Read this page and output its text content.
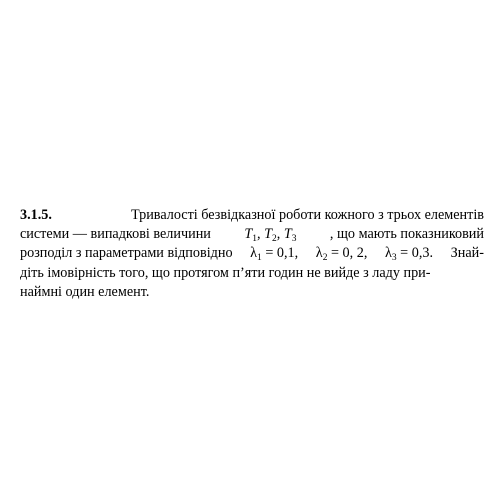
3.1.5.	Тривалості безвідказної роботи кожного з трьох елементів
системи — випадкові величини T1, T2, T3 , що мають показниковий
розподіл з параметрами відповідно λ1 = 0,1, λ2 = 0, 2, λ3 = 0,3. Знай-
діть імовірність того, що протягом п’яти годин не вийде з ладу при-
наймні один елемент.
